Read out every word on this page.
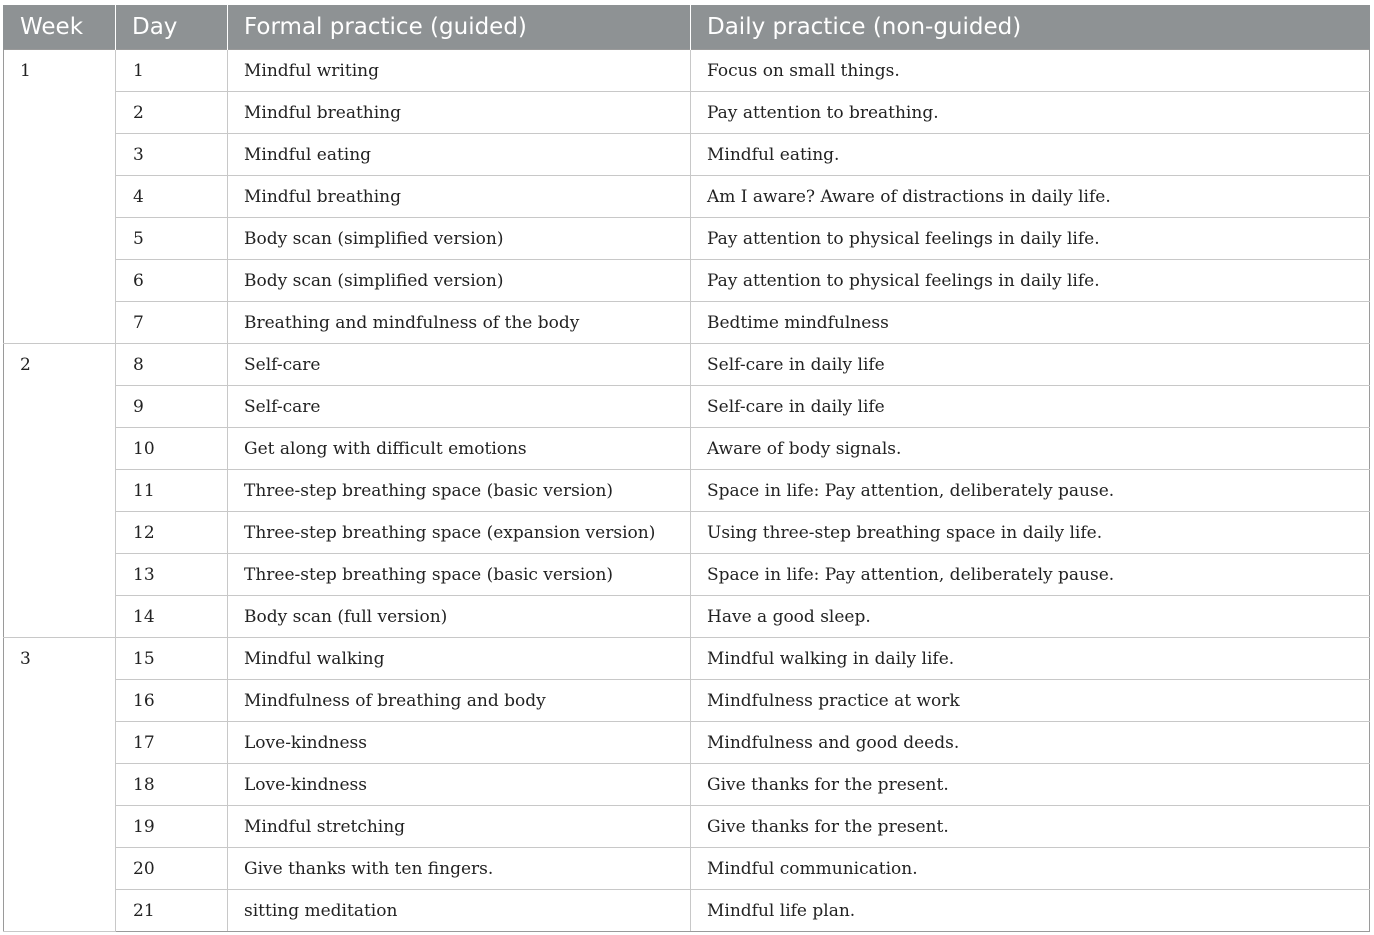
Week	Day	Formal practice (guided)	Daily practice (non-guided)
1	1	Mindful writing	Focus on small things.
	2	Mindful breathing	Pay attention to breathing.
	3	Mindful eating	Mindful eating.
	4	Mindful breathing	Am I aware? Aware of distractions in daily life.
	5	Body scan (simplified version)	Pay attention to physical feelings in daily life.
	6	Body scan (simplified version)	Pay attention to physical feelings in daily life.
	7	Breathing and mindfulness of the body	Bedtime mindfulness
2	8	Self-care	Self-care in daily life
	9	Self-care	Self-care in daily life
	10	Get along with difficult emotions	Aware of body signals.
	11	Three-step breathing space (basic version)	Space in life: Pay attention, deliberately pause.
	12	Three-step breathing space (expansion version)	Using three-step breathing space in daily life.
	13	Three-step breathing space (basic version)	Space in life: Pay attention, deliberately pause.
	14	Body scan (full version)	Have a good sleep.
3	15	Mindful walking	Mindful walking in daily life.
	16	Mindfulness of breathing and body	Mindfulness practice at work
	17	Love-kindness	Mindfulness and good deeds.
	18	Love-kindness	Give thanks for the present.
	19	Mindful stretching	Give thanks for the present.
	20	Give thanks with ten fingers.	Mindful communication.
	21	sitting meditation	Mindful life plan.
